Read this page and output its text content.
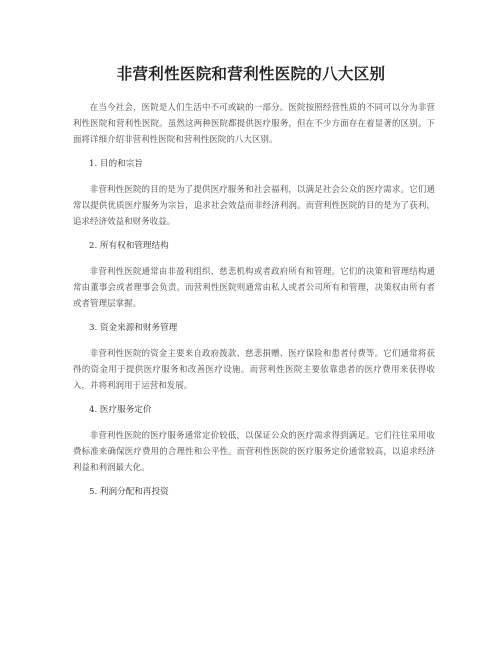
非营利性医院和营利性医院的八大区别

在当今社会，医院是人们生活中不可或缺的一部分。医院按照经营性质的不同可以分为非营利性医院和营利性医院。虽然这两种医院都提供医疗服务，但在不少方面存在着显著的区别。下面将详细介绍非营利性医院和营利性医院的八大区别。

1. 目的和宗旨

非营利性医院的目的是为了提供医疗服务和社会福利，以满足社会公众的医疗需求。它们通常以提供优质医疗服务为宗旨，追求社会效益而非经济利润。而营利性医院的目的是为了获利，追求经济效益和财务收益。

2. 所有权和管理结构

非营利性医院通常由非盈利组织、慈悲机构或者政府所有和管理。它们的决策和管理结构通常由董事会或者理事会负责。而营利性医院则通常由私人或者公司所有和管理，决策权由所有者或者管理层掌握。

3. 资金来源和财务管理

非营利性医院的资金主要来自政府拨款、慈悲捐赠、医疗保险和患者付费等。它们通常将获得的资金用于提供医疗服务和改善医疗设施。而营利性医院主要依靠患者的医疗费用来获得收入，并将利润用于运营和发展。

4. 医疗服务定价

非营利性医院的医疗服务通常定价较低，以保证公众的医疗需求得到满足。它们往往采用收费标准来确保医疗费用的合理性和公平性。而营利性医院的医疗服务定价通常较高，以追求经济利益和利润最大化。

5. 利润分配和再投资
